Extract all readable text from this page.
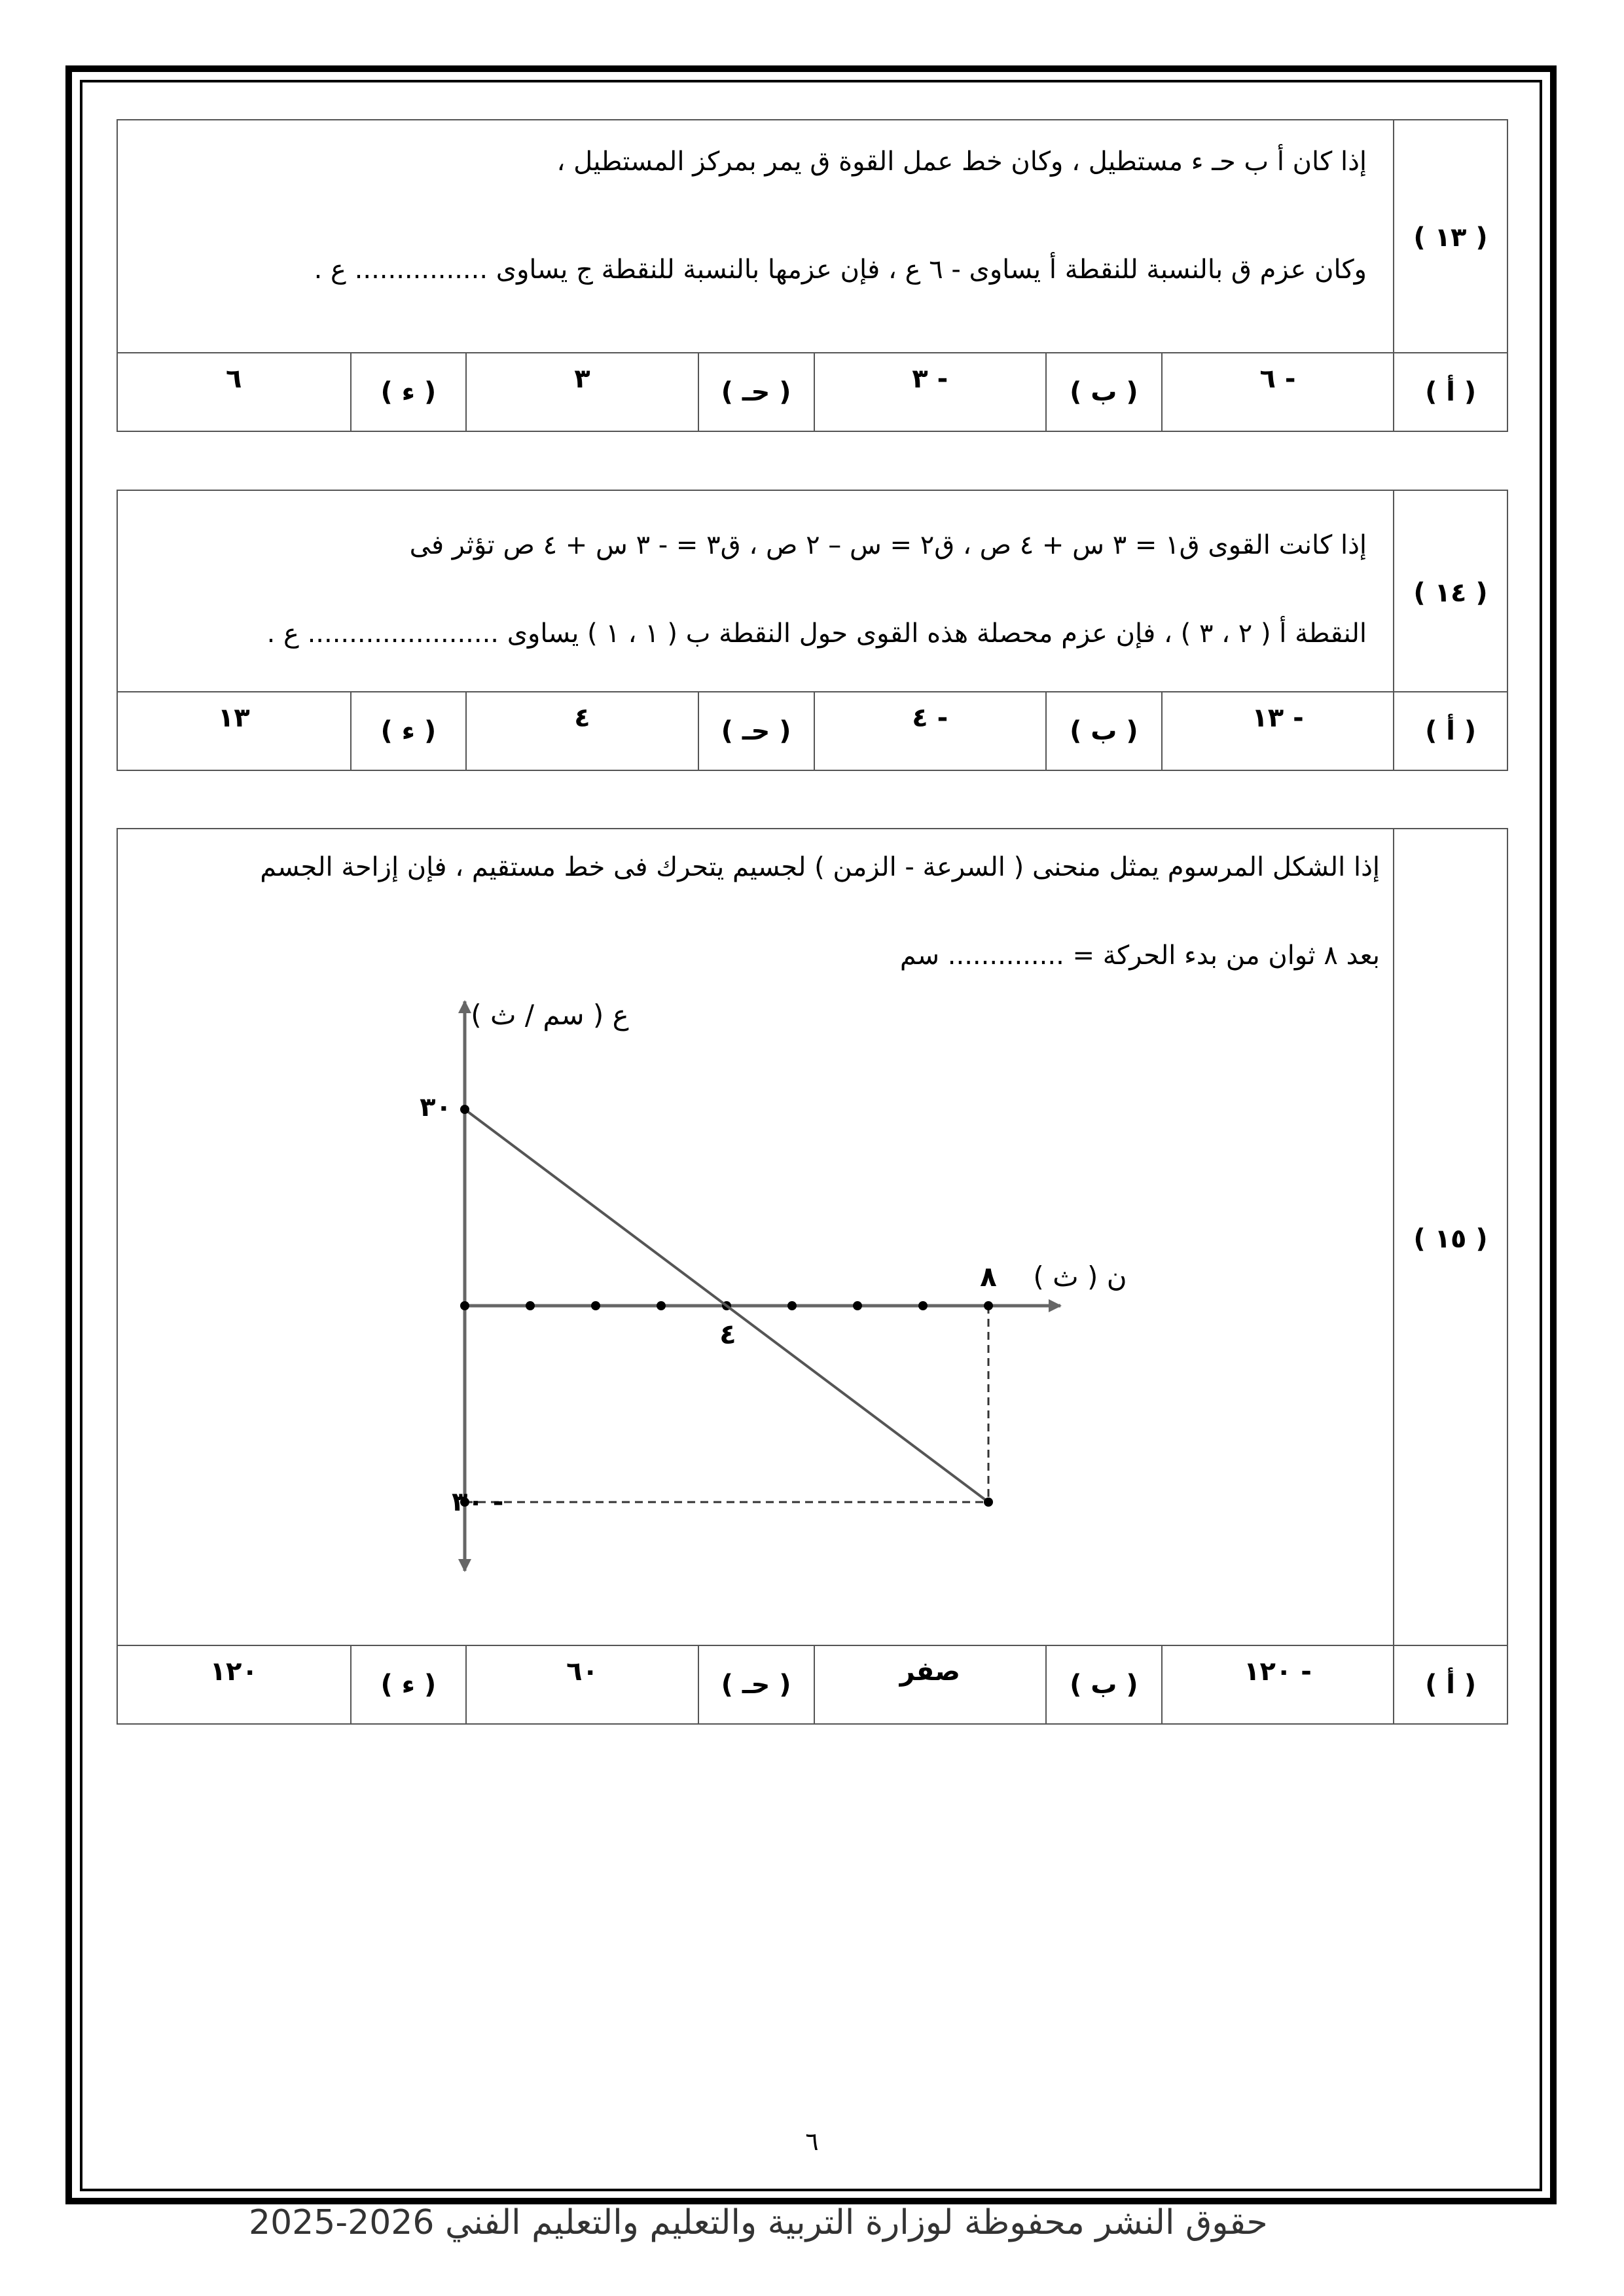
( ١٣ )
إذا كان أ ب حـ ء مستطيل ، وكان خط عمل القوة ق يمر بمركز المستطيل ،
وكان عزم ق بالنسبة للنقطة أ يساوى - ٦ ع ، فإن عزمها بالنسبة للنقطة ج يساوى ................ ع .
( أ )
- ٦
( ب )
- ٣
( حـ )
٣
( ء )
٦
( ١٤ )
إذا كانت القوى ق١ = ٣ س + ٤ ص ، ق٢ = س – ٢ ص ، ق٣ = - ٣ س + ٤ ص تؤثر فى
النقطة أ ( ٢ ، ٣ ) ، فإن عزم محصلة هذه القوى حول النقطة ب ( ١ ، ١ ) يساوى ....................... ع .
( أ )
- ١٣
( ب )
- ٤
( حـ )
٤
( ء )
١٣
( ١٥ )
إذا الشكل المرسوم يمثل منحنى ( السرعة - الزمن ) لجسيم يتحرك فى خط مستقيم ، فإن إزاحة الجسم
بعد ٨ ثوان من بدء الحركة = .............. سم
( أ )
- ١٢٠
( ب )
صفر
( حـ )
٦٠
( ء )
١٢٠
ع ( سم / ث )
ن ( ث )
٣٠
- ٣٠
٤
٨
٦
حقوق النشر محفوظة لوزارة التربية والتعليم والتعليم الفني 2026-2025
